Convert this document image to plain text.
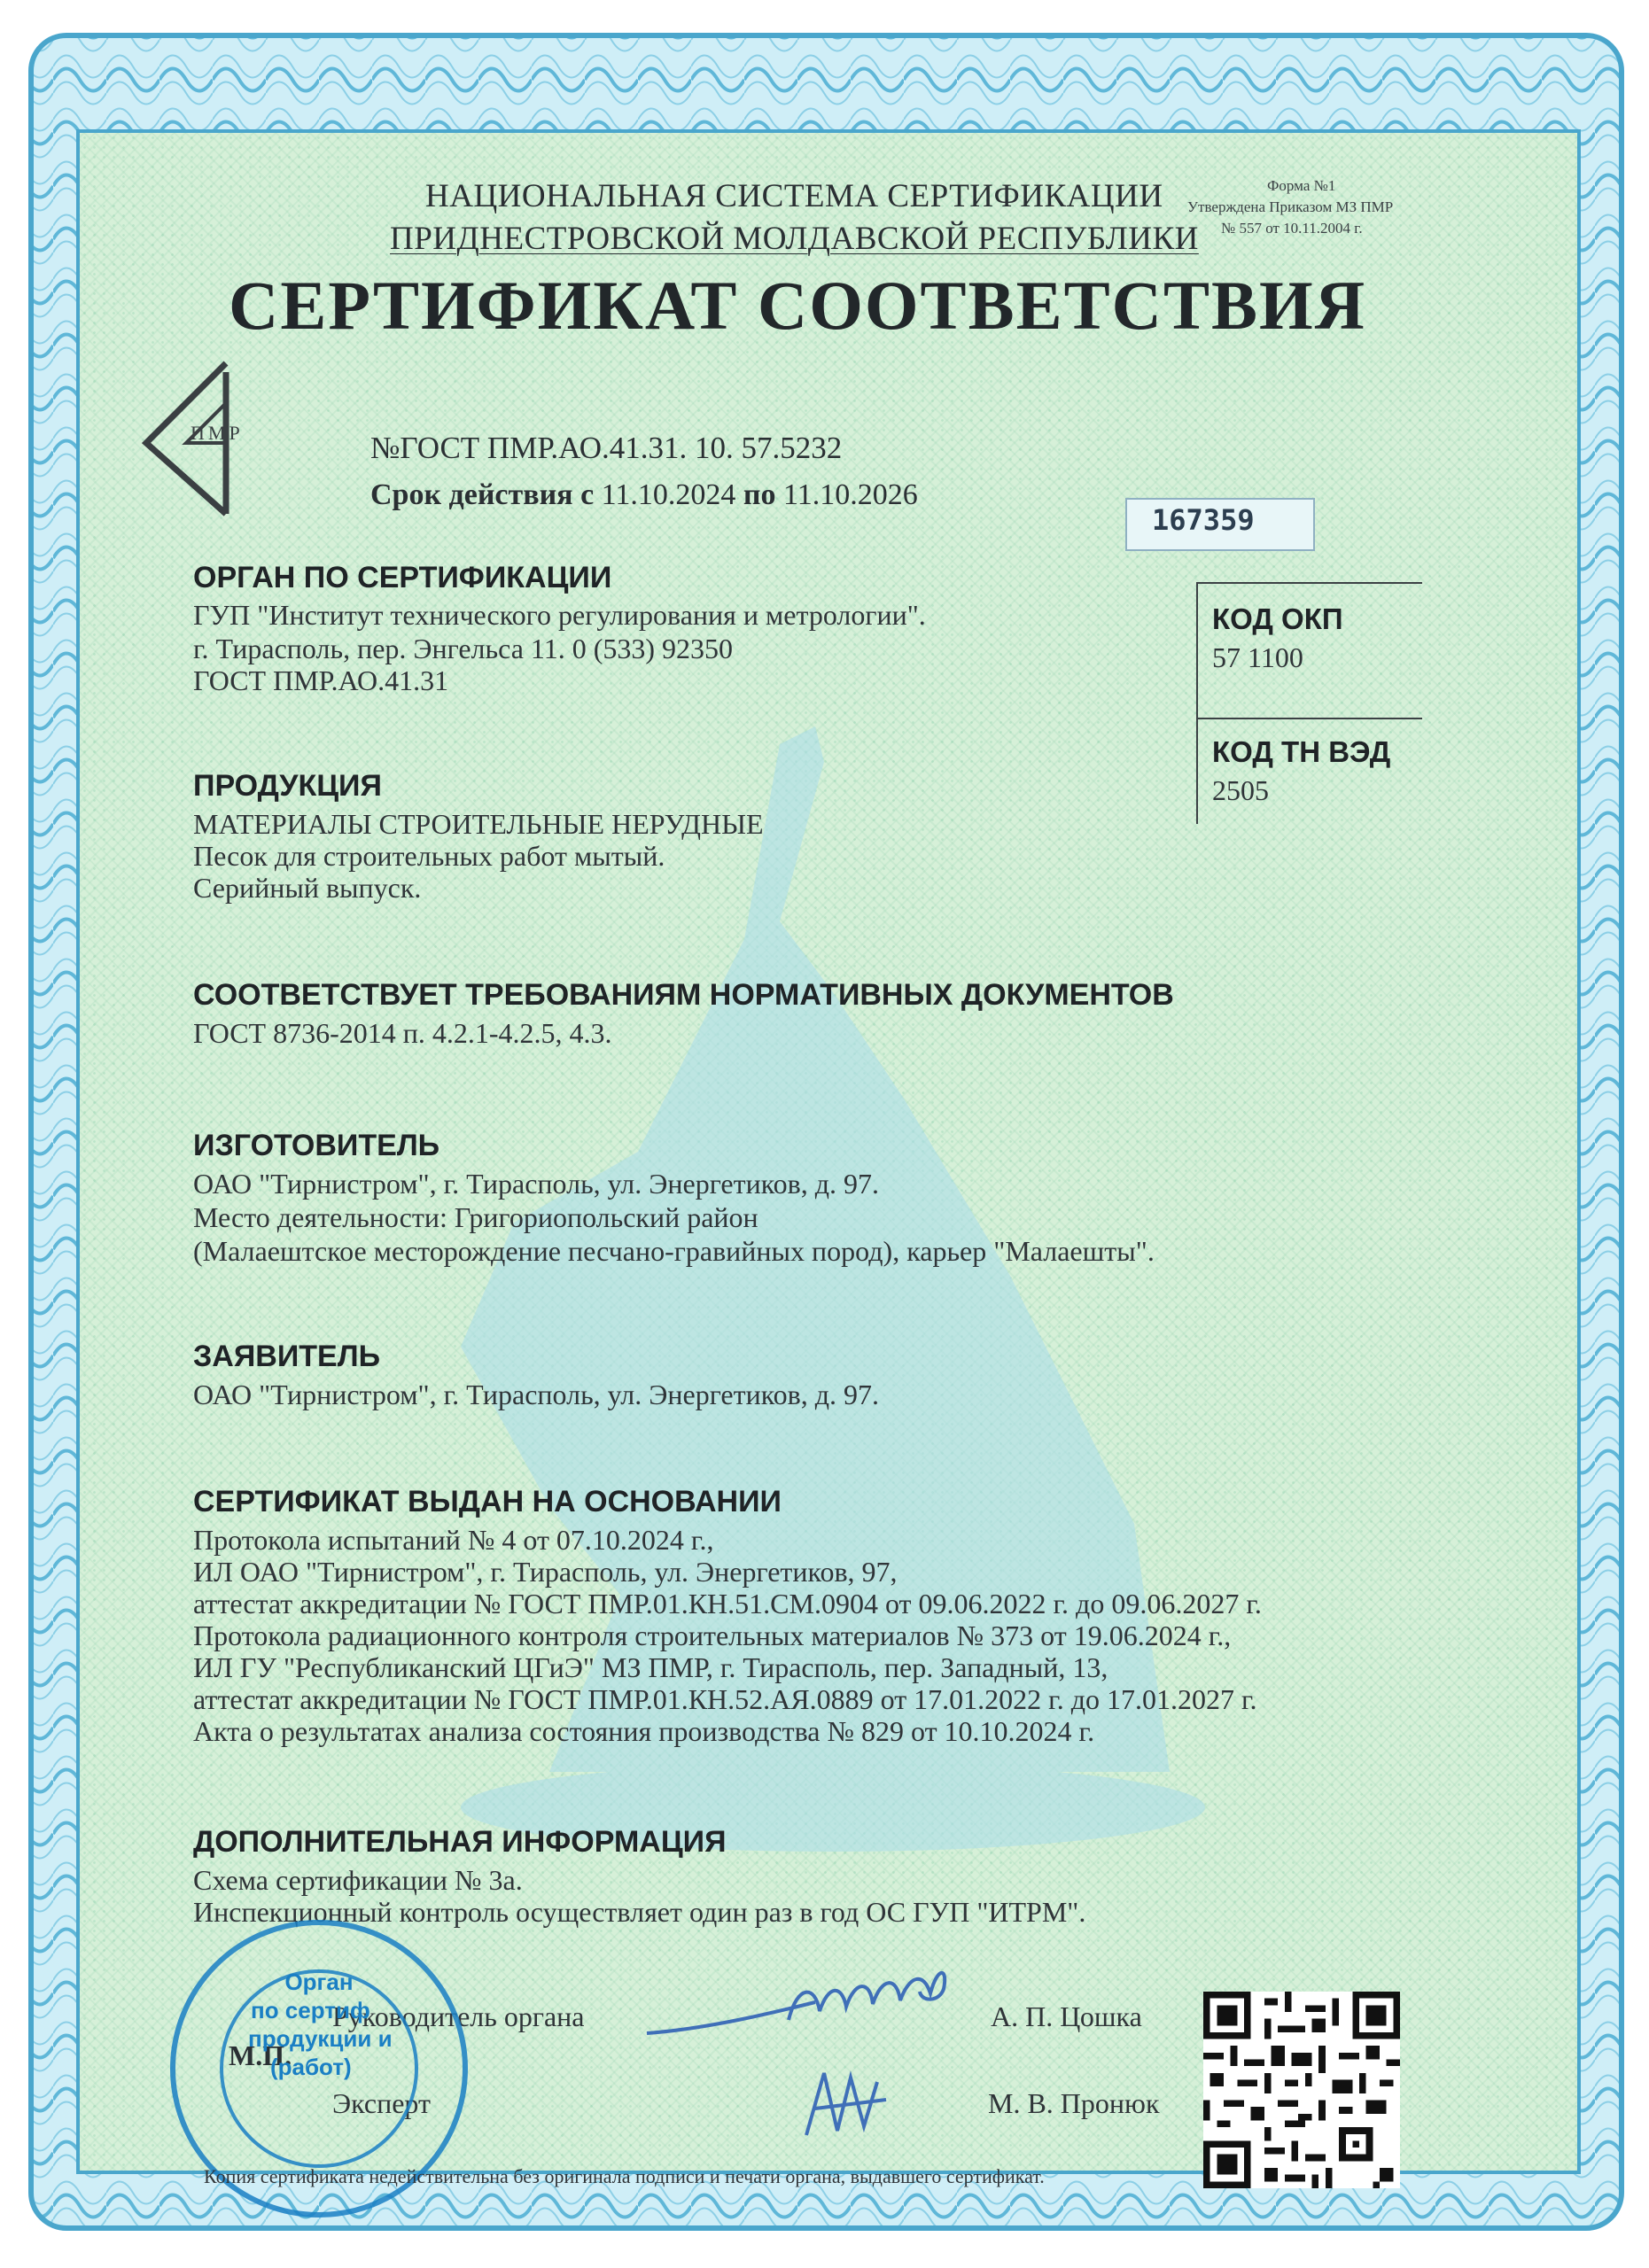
Форма №1
Утверждена Приказом МЗ ПМР
№ 557 от 10.11.2004 г.
НАЦИОНАЛЬНАЯ СИСТЕМА СЕРТИФИКАЦИИ
ПРИДНЕСТРОВСКОЙ МОЛДАВСКОЙ РЕСПУБЛИКИ
СЕРТИФИКАТ СООТВЕТСТВИЯ
ПМР	№ГОСТ ПМР.АО.41.31. 10. 57.5232
Срок действия с 11.10.2024 по 11.10.2026
167359
КОД ОКП
57 1100
КОД ТН ВЭД
2505
ОРГАН ПО СЕРТИФИКАЦИИ
ГУП "Институт технического регулирования и метрологии".
г. Тирасполь, пер. Энгельса 11. 0 (533) 92350
ГОСТ ПМР.АО.41.31
ПРОДУКЦИЯ
МАТЕРИАЛЫ СТРОИТЕЛЬНЫЕ НЕРУДНЫЕ
Песок для строительных работ мытый.
Серийный выпуск.
СООТВЕТСТВУЕТ ТРЕБОВАНИЯМ НОРМАТИВНЫХ ДОКУМЕНТОВ
ГОСТ 8736-2014 п. 4.2.1-4.2.5, 4.3.
ИЗГОТОВИТЕЛЬ
ОАО "Тирнистром", г. Тирасполь, ул. Энергетиков, д. 97.
Место деятельности: Григориопольский район
(Малаештское месторождение песчано-гравийных пород), карьер "Малаешты".
ЗАЯВИТЕЛЬ
ОАО "Тирнистром", г. Тирасполь, ул. Энергетиков, д. 97.
СЕРТИФИКАТ ВЫДАН НА ОСНОВАНИИ
Протокола испытаний № 4 от 07.10.2024 г.,
ИЛ ОАО "Тирнистром", г. Тирасполь, ул. Энергетиков, 97,
аттестат аккредитации № ГОСТ ПМР.01.КН.51.СМ.0904 от 09.06.2022 г. до 09.06.2027 г.
Протокола радиационного контроля строительных материалов № 373 от 19.06.2024 г.,
ИЛ ГУ "Республиканский ЦГиЭ" МЗ ПМР, г. Тирасполь, пер. Западный, 13,
аттестат аккредитации № ГОСТ ПМР.01.КН.52.АЯ.0889 от 17.01.2022 г. до 17.01.2027 г.
Акта о результатах анализа состояния производства № 829 от 10.10.2024 г.
ДОПОЛНИТЕЛЬНАЯ ИНФОРМАЦИЯ
Схема сертификации № 3а.
Инспекционный контроль осуществляет один раз в год ОС ГУП "ИТРМ".
Руководитель органа	А. П. Цошка
М.П.
Эксперт	М. В. Пронюк
Орган
по сертиф
продукции и
(работ)
Копия сертификата недействительна без оригинала подписи и печати органа, выдавшего сертификат.
